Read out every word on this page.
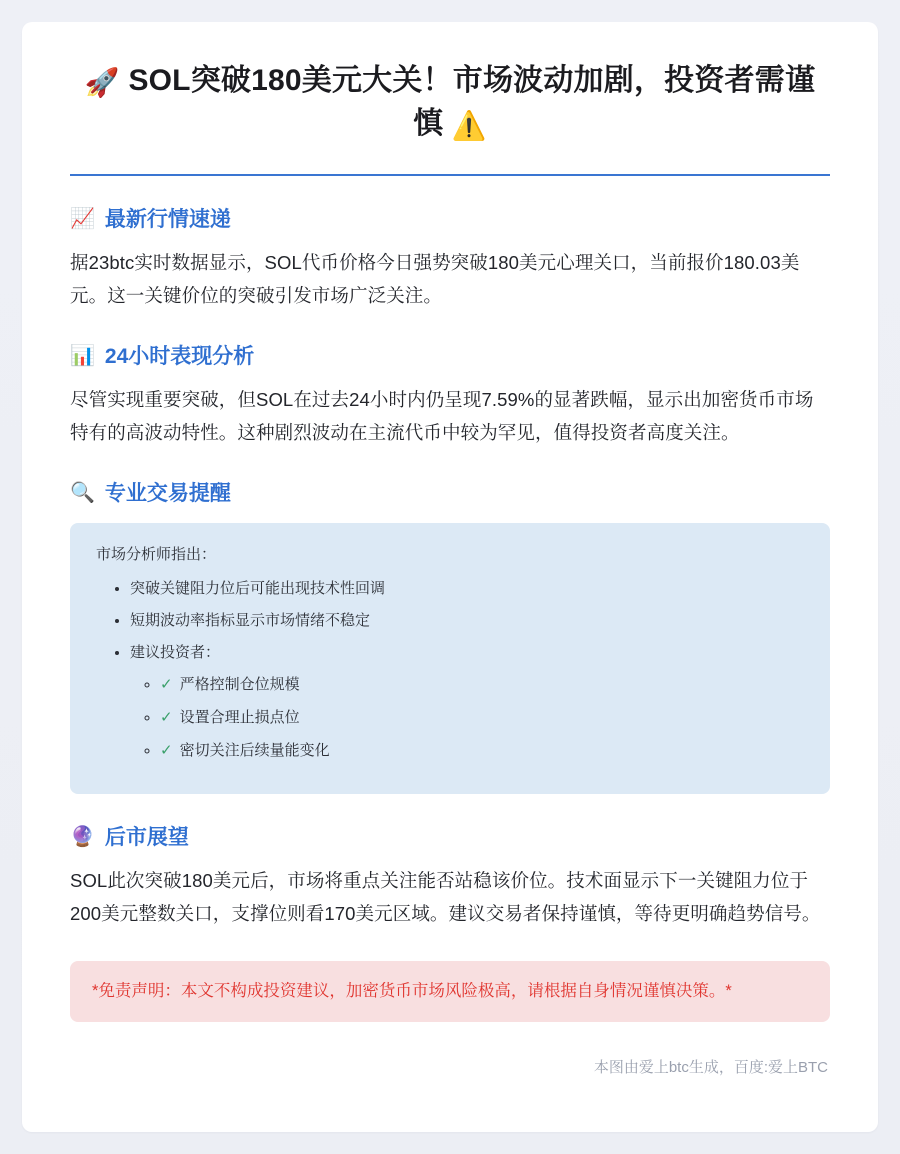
🚀 SOL突破180美元大关！市场波动加剧，投资者需谨慎 ⚠️
📈 最新行情速递

据23btc实时数据显示，SOL代币价格今日强势突破180美元心理关口，当前报价180.03美元。这一关键价位的突破引发市场广泛关注。

📊 24小时表现分析

尽管实现重要突破，但SOL在过去24小时内仍呈现7.59%的显著跌幅，显示出加密货币市场特有的高波动特性。这种剧烈波动在主流代币中较为罕见，值得投资者高度关注。

🔍 专业交易提醒

市场分析师指出：

• 突破关键阻力位后可能出现技术性回调
• 短期波动率指标显示市场情绪不稳定
• 建议投资者：
◦ ✓ 严格控制仓位规模
◦ ✓ 设置合理止损点位
◦ ✓ 密切关注后续量能变化
🔮 后市展望

SOL此次突破180美元后，市场将重点关注能否站稳该价位。技术面显示下一关键阻力位于200美元整数关口，支撑位则看170美元区域。建议交易者保持谨慎，等待更明确趋势信号。

*免责声明：本文不构成投资建议，加密货币市场风险极高，请根据自身情况谨慎决策。*
本图由爱上btc生成，百度:爱上BTC
